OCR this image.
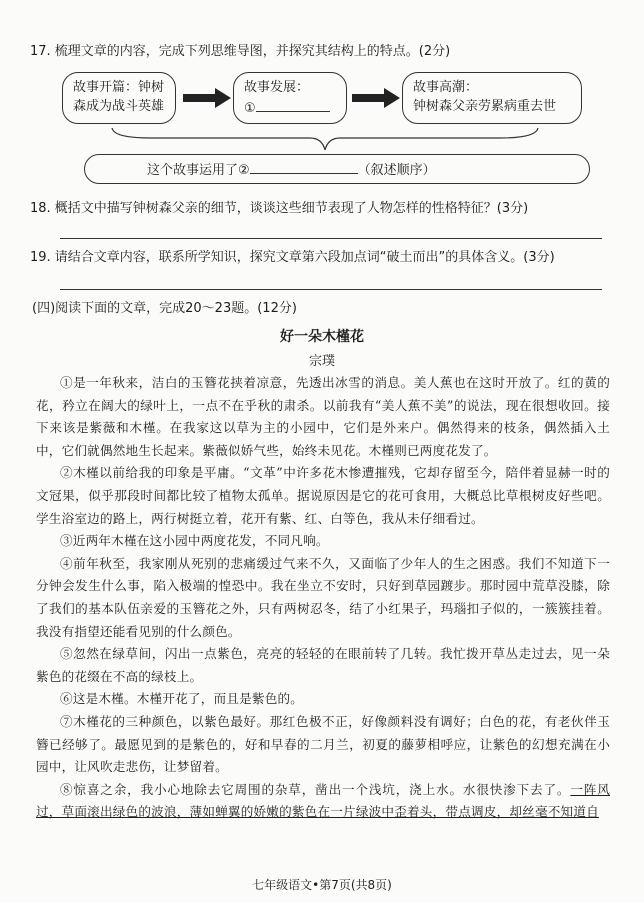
17. 梳理文章的内容，完成下列思维导图，并探究其结构上的特点。(2分)
故事开篇：钟树
森成为战斗英雄
故事发展：
①
故事高潮：
钟树森父亲劳累病重去世
这个故事运用了②	（叙述顺序）
18. 概括文中描写钟树森父亲的细节，谈谈这些细节表现了人物怎样的性格特征？(3分)
19. 请结合文章内容，联系所学知识，探究文章第六段加点词“破土而出”的具体含义。(3分)
(四)阅读下面的文章，完成20～23题。(12分)
好一朵木槿花
宗璞

①是一年秋来，洁白的玉簪花挟着凉意，先透出冰雪的消息。美人蕉也在这时开放了。红的黄的花，矜立在阔大的绿叶上，一点不在乎秋的肃杀。以前我有“美人蕉不美”的说法，现在很想收回。接下来该是紫薇和木槿。在我家这以草为主的小园中，它们是外来户。偶然得来的枝条，偶然插入土中，它们就偶然地生长起来。紫薇似娇气些，始终未见花。木槿则已两度花发了。

②木槿以前给我的印象是平庸。“文革”中许多花木惨遭摧残，它却存留至今，陪伴着显赫一时的文冠果，似乎那段时间都比较了植物太孤单。据说原因是它的花可食用，大概总比草根树皮好些吧。学生浴室边的路上，两行树挺立着，花开有紫、红、白等色，我从未仔细看过。

③近两年木槿在这小园中两度花发，不同凡响。

④前年秋至，我家刚从死别的悲痛缓过气来不久，又面临了少年人的生之困惑。我们不知道下一分钟会发生什么事，陷入极端的惶恐中。我在坐立不安时，只好到草园踱步。那时园中荒草没膝，除了我们的基本队伍亲爱的玉簪花之外，只有两树忍冬，结了小红果子，玛瑙扣子似的，一簇簇挂着。我没有指望还能看见别的什么颜色。

⑤忽然在绿草间，闪出一点紫色，亮亮的轻轻的在眼前转了几转。我忙拨开草丛走过去，见一朵紫色的花缀在不高的绿枝上。

⑥这是木槿。木槿开花了，而且是紫色的。

⑦木槿花的三种颜色，以紫色最好。那红色极不正，好像颜料没有调好；白色的花，有老伙伴玉簪已经够了。最愿见到的是紫色的，好和早春的二月兰，初夏的藤萝相呼应，让紫色的幻想充满在小园中，让风吹走悲伤，让梦留着。

⑧惊喜之余，我小心地除去它周围的杂草，凿出一个浅坑，浇上水。水很快渗下去了。一阵风过，草面滚出绿色的波浪，薄如蝉翼的娇嫩的紫色在一片绿波中歪着头，带点调皮，却丝毫不知道自

七年级语文•第7页(共8页)
